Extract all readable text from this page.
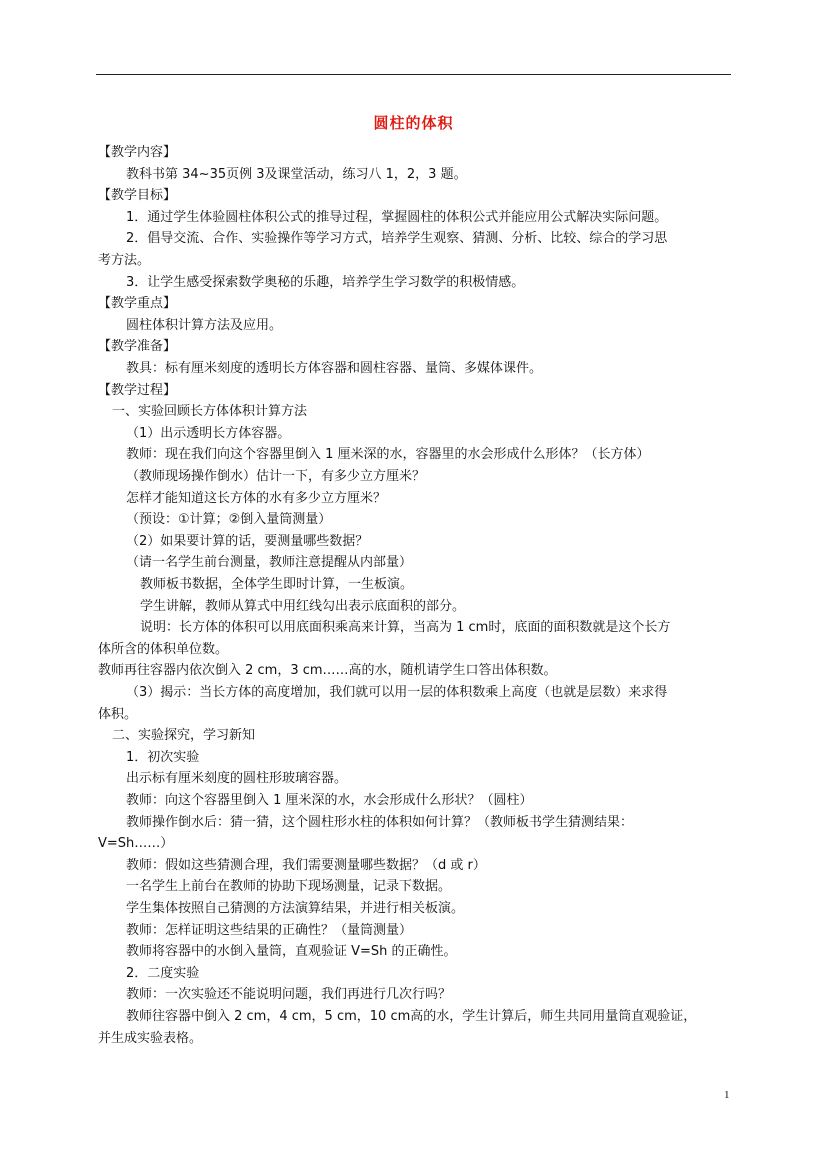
圆柱的体积
【教学内容】
教科书第 34~35页例 3及课堂活动，练习八 1，2，3 题。
【教学目标】
1．通过学生体验圆柱体积公式的推导过程，掌握圆柱的体积公式并能应用公式解决实际问题。
2．倡导交流、合作、实验操作等学习方式，培养学生观察、猜测、分析、比较、综合的学习思
考方法。
3．让学生感受探索数学奥秘的乐趣，培养学生学习数学的积极情感。
【教学重点】
圆柱体积计算方法及应用。
【教学准备】
教具：标有厘米刻度的透明长方体容器和圆柱容器、量筒、多媒体课件。
【教学过程】
一、实验回顾长方体体积计算方法
（1）出示透明长方体容器。
教师：现在我们向这个容器里倒入 1 厘米深的水，容器里的水会形成什么形体？（长方体）
（教师现场操作倒水）估计一下，有多少立方厘米？
怎样才能知道这长方体的水有多少立方厘米？
（预设：①计算；②倒入量筒测量）
（2）如果要计算的话，要测量哪些数据？
（请一名学生前台测量，教师注意提醒从内部量）
教师板书数据，全体学生即时计算，一生板演。
学生讲解，教师从算式中用红线勾出表示底面积的部分。
说明：长方体的体积可以用底面积乘高来计算，当高为 1 cm时，底面的面积数就是这个长方
体所含的体积单位数。
教师再往容器内依次倒入 2 cm，3 cm……高的水，随机请学生口答出体积数。
（3）揭示：当长方体的高度增加，我们就可以用一层的体积数乘上高度（也就是层数）来求得
体积。
二、实验探究，学习新知
1．初次实验
出示标有厘米刻度的圆柱形玻璃容器。
教师：向这个容器里倒入 1 厘米深的水，水会形成什么形状？（圆柱）
教师操作倒水后：猜一猜，这个圆柱形水柱的体积如何计算？（教师板书学生猜测结果：
V=Sh……）
教师：假如这些猜测合理，我们需要测量哪些数据？（d 或 r）
一名学生上前台在教师的协助下现场测量，记录下数据。
学生集体按照自己猜测的方法演算结果，并进行相关板演。
教师：怎样证明这些结果的正确性？（量筒测量）
教师将容器中的水倒入量筒，直观验证 V=Sh 的正确性。
2．二度实验
教师：一次实验还不能说明问题，我们再进行几次行吗？
教师往容器中倒入 2 cm，4 cm，5 cm，10 cm高的水，学生计算后，师生共同用量筒直观验证，
并生成实验表格。
1
